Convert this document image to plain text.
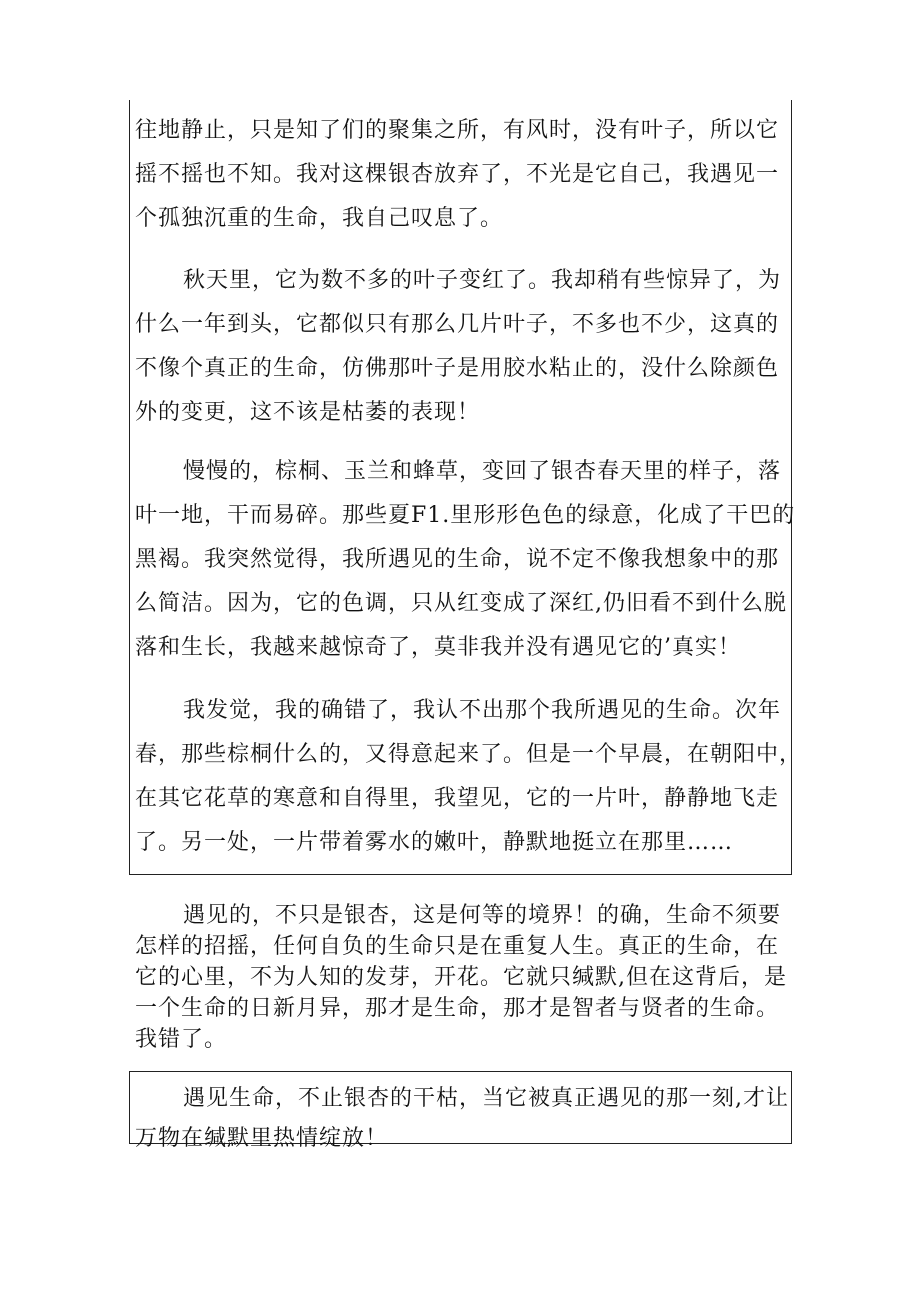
往地静止，只是知了们的聚集之所，有风时，没有叶子，所以它
摇不摇也不知。我对这棵银杏放弃了，不光是它自己，我遇见一
个孤独沉重的生命，我自己叹息了。
秋天里，它为数不多的叶子变红了。我却稍有些惊异了，为
什么一年到头，它都似只有那么几片叶子，不多也不少，这真的
不像个真正的生命，仿佛那叶子是用胶水粘止的，没什么除颜色
外的变更，这不该是枯萎的表现！
慢慢的，棕桐、玉兰和蜂草，变回了银杏春天里的样子，落
叶一地，干而易碎。那些夏F1.里形形色色的绿意，化成了干巴的
黑褐。我突然觉得，我所遇见的生命，说不定不像我想象中的那
么简洁。因为，它的色调，只从红变成了深红,仍旧看不到什么脱
落和生长，我越来越惊奇了，莫非我并没有遇见它的’真实！
我发觉，我的确错了，我认不出那个我所遇见的生命。次年
春，那些棕桐什么的，又得意起来了。但是一个早晨，在朝阳中，
在其它花草的寒意和自得里，我望见，它的一片叶，静静地飞走
了。另一处，一片带着雾水的嫩叶，静默地挺立在那里……
遇见的，不只是银杏，这是何等的境界！的确，生命不须要
怎样的招摇，任何自负的生命只是在重复人生。真正的生命，在
它的心里，不为人知的发芽，开花。它就只缄默,但在这背后，是
一个生命的日新月异，那才是生命，那才是智者与贤者的生命。
我错了。
遇见生命，不止银杏的干枯，当它被真正遇见的那一刻,才让
万物在缄默里热情绽放！
